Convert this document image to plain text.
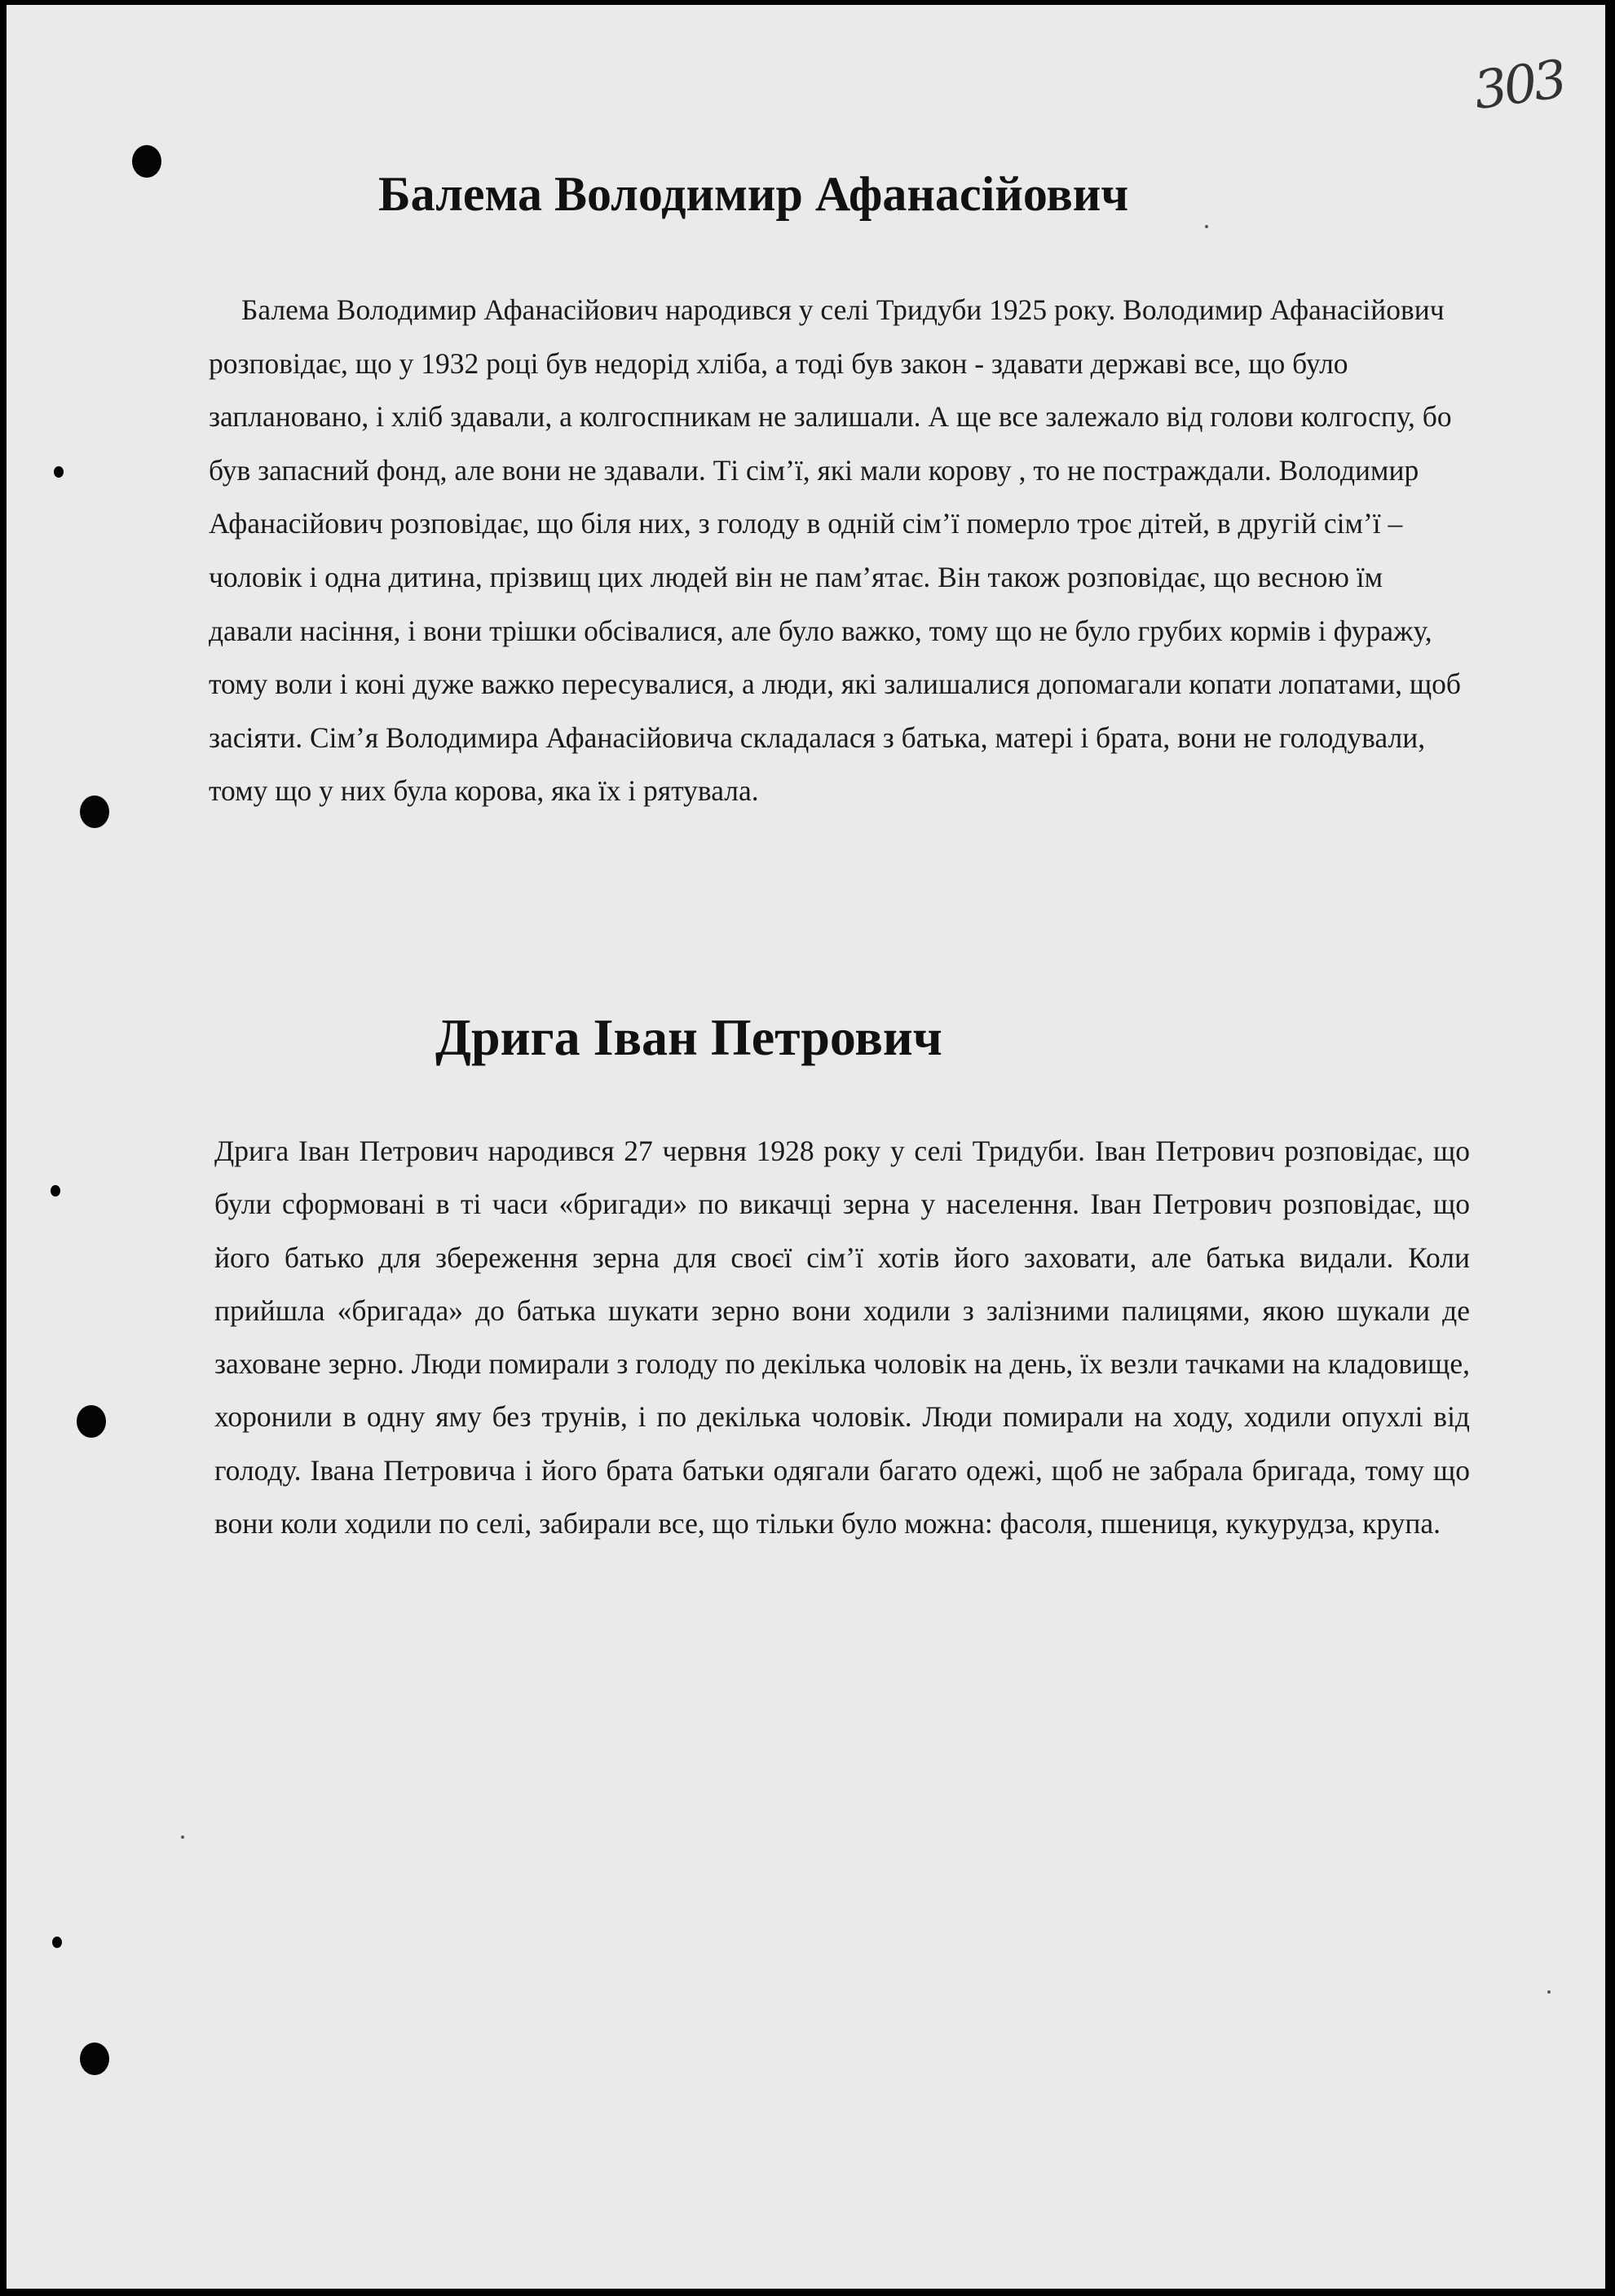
303
Балема Володимир Афанасійович

Балема Володимир Афанасійович народився у селі Тридуби 1925 року. Володимир Афанасійович розповідає, що у 1932 році був недорід хліба, а тоді був закон - здавати державі все, що було заплановано, і хліб здавали, а колгоспникам не залишали. А ще все залежало від голови колгоспу, бо був запасний фонд, але вони не здавали. Ті сім’ї, які мали корову , то не постраждали. Володимир Афанасійович розповідає, що біля них, з голоду в одній сім’ї померло троє дітей, в другій сім’ї – чоловік і одна дитина, прізвищ цих людей він не пам’ятає. Він також розповідає, що весною їм давали насіння, і вони трішки обсівалися, але було важко, тому що не було грубих кормів і фуражу, тому воли і коні дуже важко пересувалися, а люди, які залишалися допомагали копати лопатами, щоб засіяти. Сім’я Володимира Афанасійовича складалася з батька, матері і брата, вони не голодували, тому що у них була корова, яка їх і рятувала.

Дрига Іван Петрович

Дрига Іван Петрович народився 27 червня 1928 року у селі Тридуби. Іван Петрович розповідає, що були сформовані в ті часи «бригади» по викачці зерна у населення. Іван Петрович розповідає, що його батько для збереження зерна для своєї сім’ї хотів його заховати, але батька видали. Коли прийшла «бригада» до батька шукати зерно вони ходили з залізними палицями, якою шукали де заховане зерно. Люди помирали з голоду по декілька чоловік на день, їх везли тачками на кладовище, хоронили в одну яму без трунів, і по декілька чоловік. Люди помирали на ходу, ходили опухлі від голоду. Івана Петровича і його брата батьки одягали багато одежі, щоб не забрала бригада, тому що вони коли ходили по селі, забирали все, що тільки було можна: фасоля, пшениця, кукурудза, крупа.
